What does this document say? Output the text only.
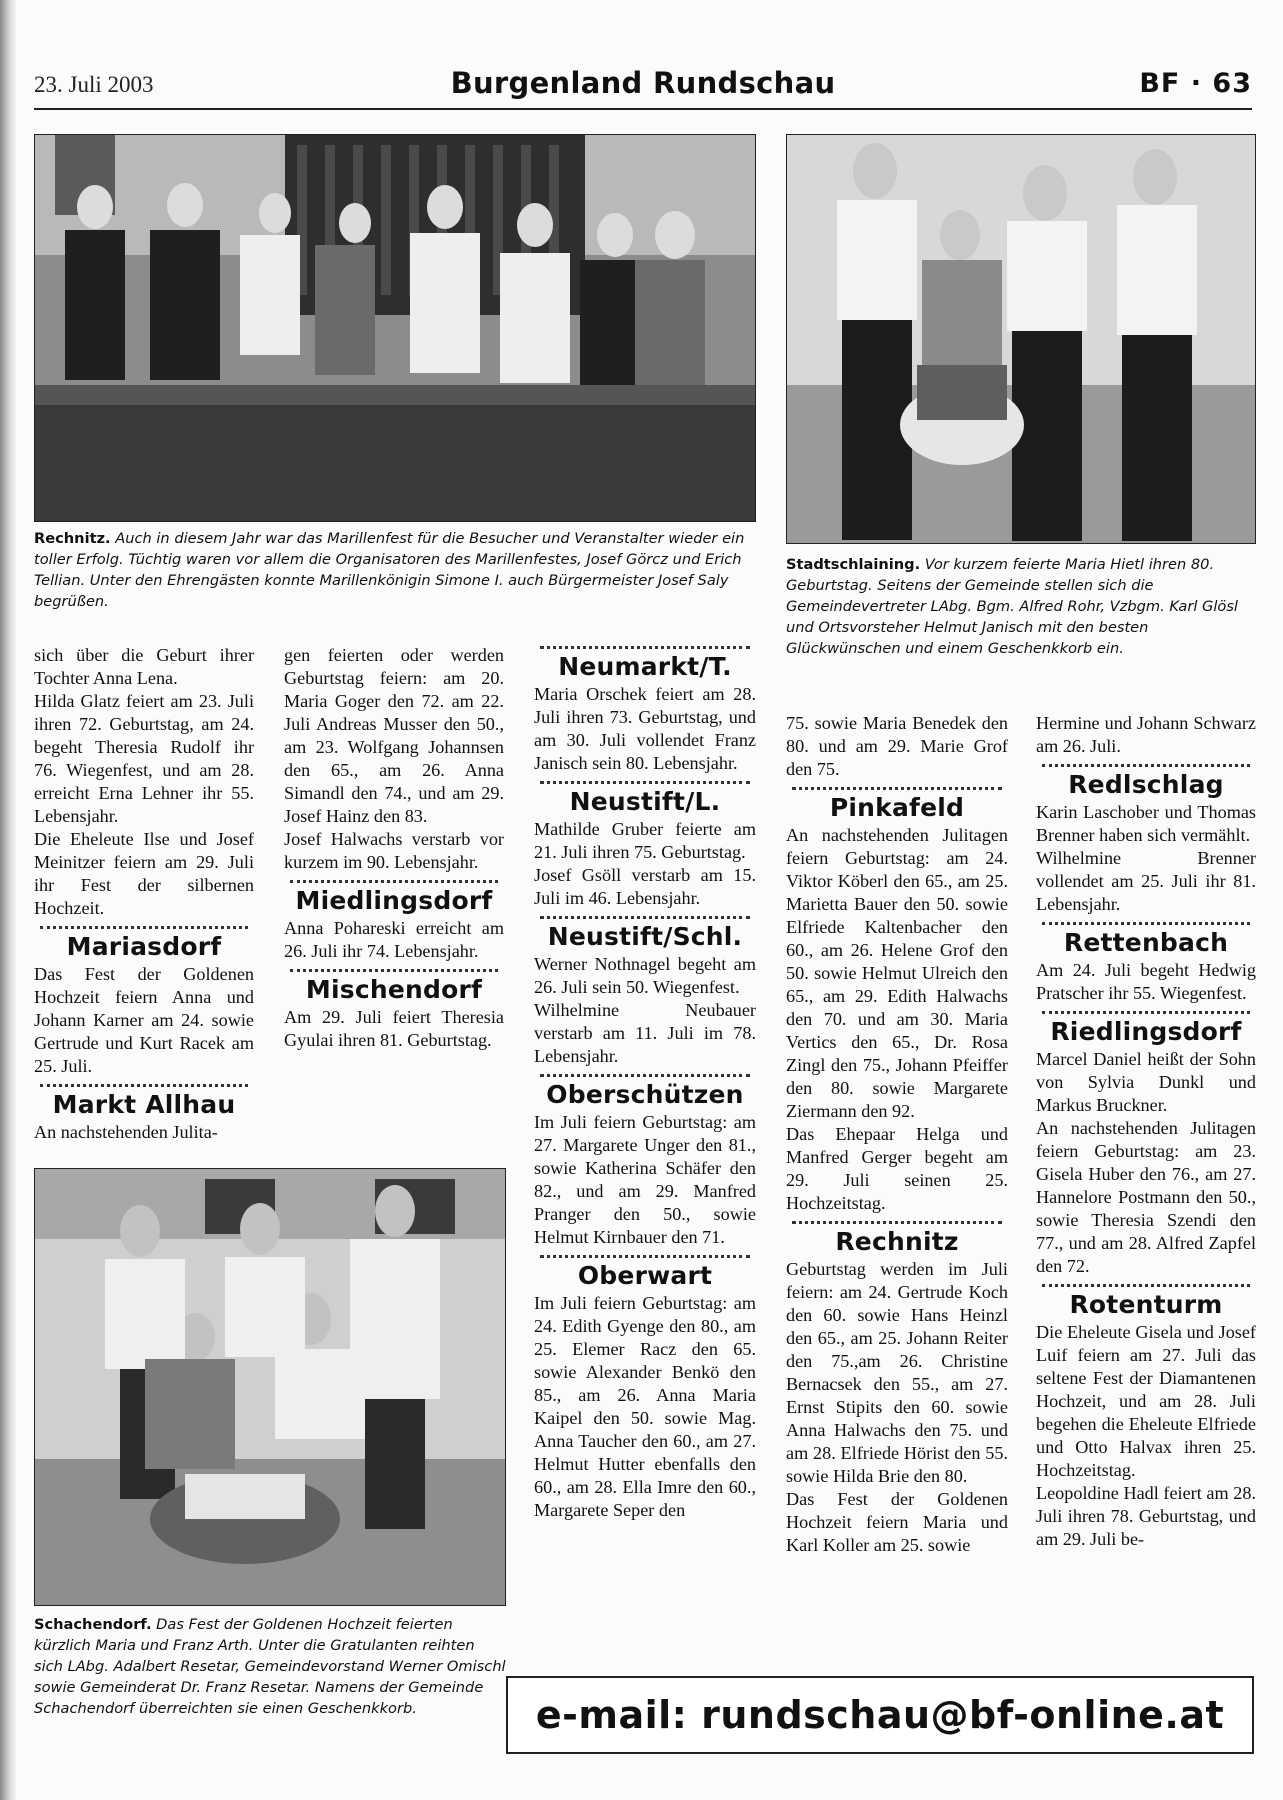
23. Juli 2003	Burgenland Rundschau	BF · 63
Rechnitz. Auch in diesem Jahr war das Marillenfest für die Besucher und Veranstalter wieder ein toller Erfolg. Tüchtig waren vor allem die Organisatoren des Marillenfestes, Josef Görcz und Erich Tellian. Unter den Ehrengästen konnte Marillenkönigin Simone I. auch Bürgermeister Josef Saly begrüßen.
Stadtschlaining. Vor kurzem feierte Maria Hietl ihren 80. Geburtstag. Seitens der Gemeinde stellen sich die Gemeindevertreter LAbg. Bgm. Alfred Rohr, Vzbgm. Karl Glösl und Ortsvorsteher Helmut Janisch mit den besten Glückwünschen und einem Geschenkkorb ein.

sich über die Geburt ihrer Tochter Anna Lena.

Hilda Glatz feiert am 23. Juli ihren 72. Geburtstag, am 24. begeht Theresia Rudolf ihr 76. Wiegenfest, und am 28. erreicht Erna Lehner ihr 55. Lebensjahr.

Die Eheleute Ilse und Josef Meinitzer feiern am 29. Juli ihr Fest der silbernen Hochzeit.

Mariasdorf

Das Fest der Goldenen Hochzeit feiern Anna und Johann Karner am 24. sowie Gertrude und Kurt Racek am 25. Juli.

Markt Allhau

An nachstehenden Julita-

gen feierten oder werden Geburtstag feiern: am 20. Maria Goger den 72. am 22. Juli Andreas Musser den 50., am 23. Wolfgang Johannsen den 65., am 26. Anna Simandl den 74., und am 29. Josef Hainz den 83.

Josef Halwachs verstarb vor kurzem im 90. Lebensjahr.

Miedlingsdorf

Anna Pohareski erreicht am 26. Juli ihr 74. Lebensjahr.

Mischendorf

Am 29. Juli feiert Theresia Gyulai ihren 81. Geburtstag.

Schachendorf. Das Fest der Goldenen Hochzeit feierten kürzlich Maria und Franz Arth. Unter die Gratulanten reihten sich LAbg. Adalbert Resetar, Gemeindevorstand Werner Omischl sowie Gemeinderat Dr. Franz Resetar. Namens der Gemeinde Schachendorf überreichten sie einen Geschenkkorb.
Neumarkt/T.

Maria Orschek feiert am 28. Juli ihren 73. Geburtstag, und am 30. Juli vollendet Franz Janisch sein 80. Lebensjahr.

Neustift/L.

Mathilde Gruber feierte am 21. Juli ihren 75. Geburtstag.

Josef Gsöll verstarb am 15. Juli im 46. Lebensjahr.

Neustift/Schl.

Werner Nothnagel begeht am 26. Juli sein 50. Wiegenfest.

Wilhelmine Neubauer verstarb am 11. Juli im 78. Lebensjahr.

Oberschützen

Im Juli feiern Geburtstag: am 27. Margarete Unger den 81., sowie Katherina Schäfer den 82., und am 29. Manfred Pranger den 50., sowie Helmut Kirnbauer den 71.

Oberwart

Im Juli feiern Geburtstag: am 24. Edith Gyenge den 80., am 25. Elemer Racz den 65. sowie Alexander Benkö den 85., am 26. Anna Maria Kaipel den 50. sowie Mag. Anna Taucher den 60., am 27. Helmut Hutter ebenfalls den 60., am 28. Ella Imre den 60., Margarete Seper den

75. sowie Maria Benedek den 80. und am 29. Marie Grof den 75.

Pinkafeld

An nachstehenden Julitagen feiern Geburtstag: am 24. Viktor Köberl den 65., am 25. Marietta Bauer den 50. sowie Elfriede Kaltenbacher den 60., am 26. Helene Grof den 50. sowie Helmut Ulreich den 65., am 29. Edith Halwachs den 70. und am 30. Maria Vertics den 65., Dr. Rosa Zingl den 75., Johann Pfeiffer den 80. sowie Margarete Ziermann den 92.

Das Ehepaar Helga und Manfred Gerger begeht am 29. Juli seinen 25. Hochzeitstag.

Rechnitz

Geburtstag werden im Juli feiern: am 24. Gertrude Koch den 60. sowie Hans Heinzl den 65., am 25. Johann Reiter den 75.,am 26. Christine Bernacsek den 55., am 27. Ernst Stipits den 60. sowie Anna Halwachs den 75. und am 28. Elfriede Hörist den 55. sowie Hilda Brie den 80.

Das Fest der Goldenen Hochzeit feiern Maria und Karl Koller am 25. sowie

Hermine und Johann Schwarz am 26. Juli.

Redlschlag

Karin Laschober und Thomas Brenner haben sich vermählt.

Wilhelmine Brenner vollendet am 25. Juli ihr 81. Lebensjahr.

Rettenbach

Am 24. Juli begeht Hedwig Pratscher ihr 55. Wiegenfest.

Riedlingsdorf

Marcel Daniel heißt der Sohn von Sylvia Dunkl und Markus Bruckner.

An nachstehenden Julitagen feiern Geburtstag: am 23. Gisela Huber den 76., am 27. Hannelore Postmann den 50., sowie Theresia Szendi den 77., und am 28. Alfred Zapfel den 72.

Rotenturm

Die Eheleute Gisela und Josef Luif feiern am 27. Juli das seltene Fest der Diamantenen Hochzeit, und am 28. Juli begehen die Eheleute Elfriede und Otto Halvax ihren 25. Hochzeitstag.

Leopoldine Hadl feiert am 28. Juli ihren 78. Geburtstag, und am 29. Juli be-

e-mail: rundschau@bf-online.at
